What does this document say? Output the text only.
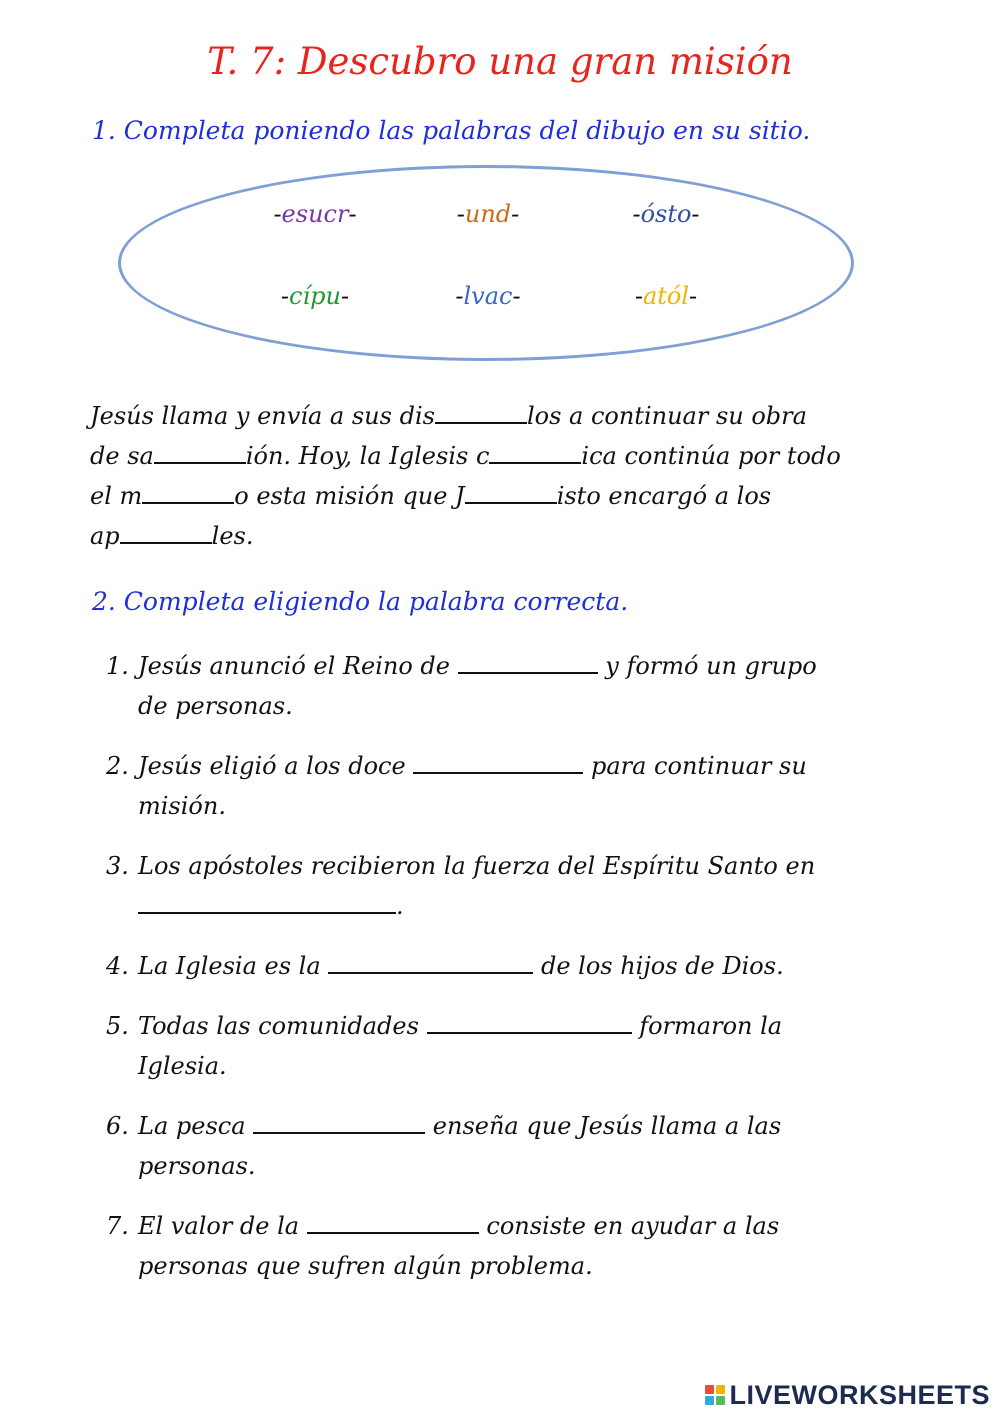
T. 7: Descubro una gran misión
1. Completa poniendo las palabras del dibujo en su sitio.
-esucr-	-und-	-ósto-
-cípu-	-lvac-	-atól-

Jesús llama y envía a sus dis	los a continuar su obra

de sa	ión. Hoy, la Iglesis c	ica continúa por todo

el m	o esta misión que J	isto encargó a los

ap	les.

2. Completa eligiendo la palabra correcta.
1. Jesús anunció el Reino de	y formó un grupo
de personas.
2. Jesús eligió a los doce	para continuar su
misión.
3. Los apóstoles recibieron la fuerza del Espíritu Santo en
.
4. La Iglesia es la	de los hijos de Dios.
5. Todas las comunidades	formaron la
Iglesia.
6. La pesca	enseña que Jesús llama a las
personas.
7. El valor de la	consiste en ayudar a las
personas que sufren algún problema.
LIVEWORKSHEETS
